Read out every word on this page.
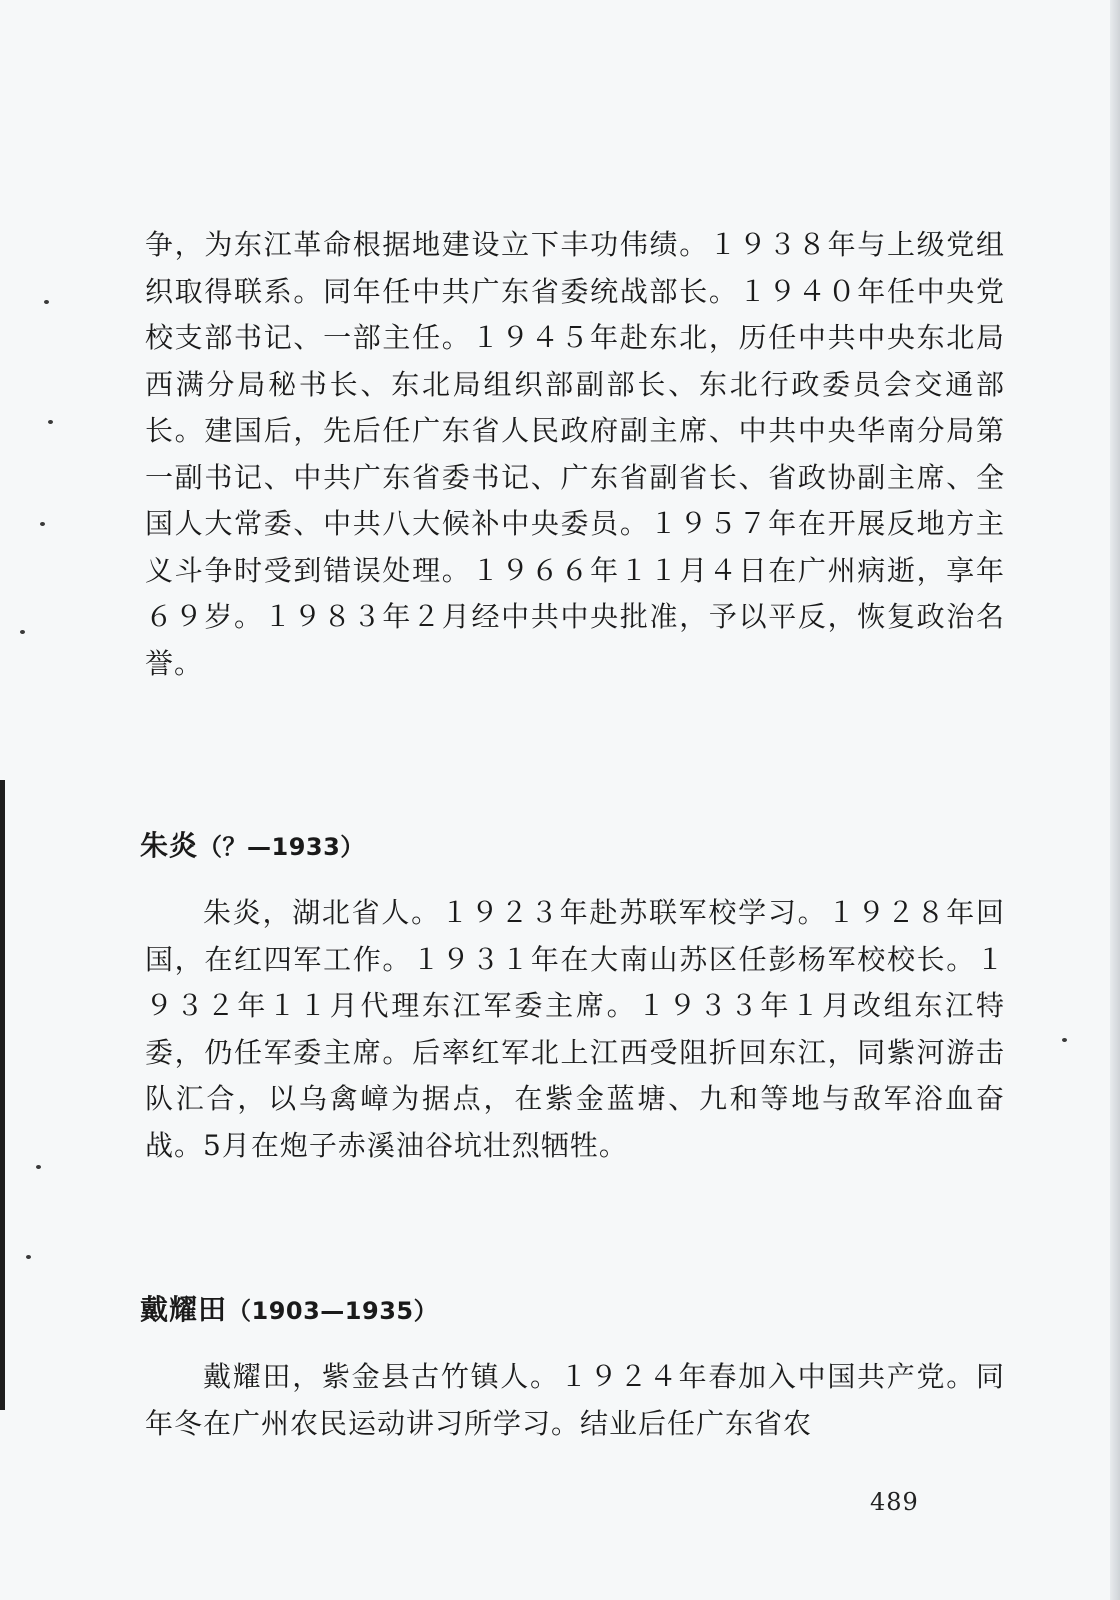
争，为东江革命根据地建设立下丰功伟绩。１９３８年与上级党组织取得联系。同年任中共广东省委统战部长。１９４０年任中央党校支部书记、一部主任。１９４５年赴东北，历任中共中央东北局西满分局秘书长、东北局组织部副部长、东北行政委员会交通部长。建国后，先后任广东省人民政府副主席、中共中央华南分局第一副书记、中共广东省委书记、广东省副省长、省政协副主席、全国人大常委、中共八大候补中央委员。１９５７年在开展反地方主义斗争时受到错误处理。１９６６年１１月４日在广州病逝，享年６９岁。１９８３年２月经中共中央批准，予以平反，恢复政治名誉。

朱炎（？—1933）

朱炎，湖北省人。１９２３年赴苏联军校学习。１９２８年回国，在红四军工作。１９３１年在大南山苏区任彭杨军校校长。１９３２年１１月代理东江军委主席。１９３３年１月改组东江特委，仍任军委主席。后率红军北上江西受阻折回东江，同紫河游击队汇合，以乌禽嶂为据点，在紫金蓝塘、九和等地与敌军浴血奋战。5月在炮子赤溪油谷坑壮烈牺牲。

戴耀田（1903—1935）

戴耀田，紫金县古竹镇人。１９２４年春加入中国共产党。同年冬在广州农民运动讲习所学习。结业后任广东省农

489
